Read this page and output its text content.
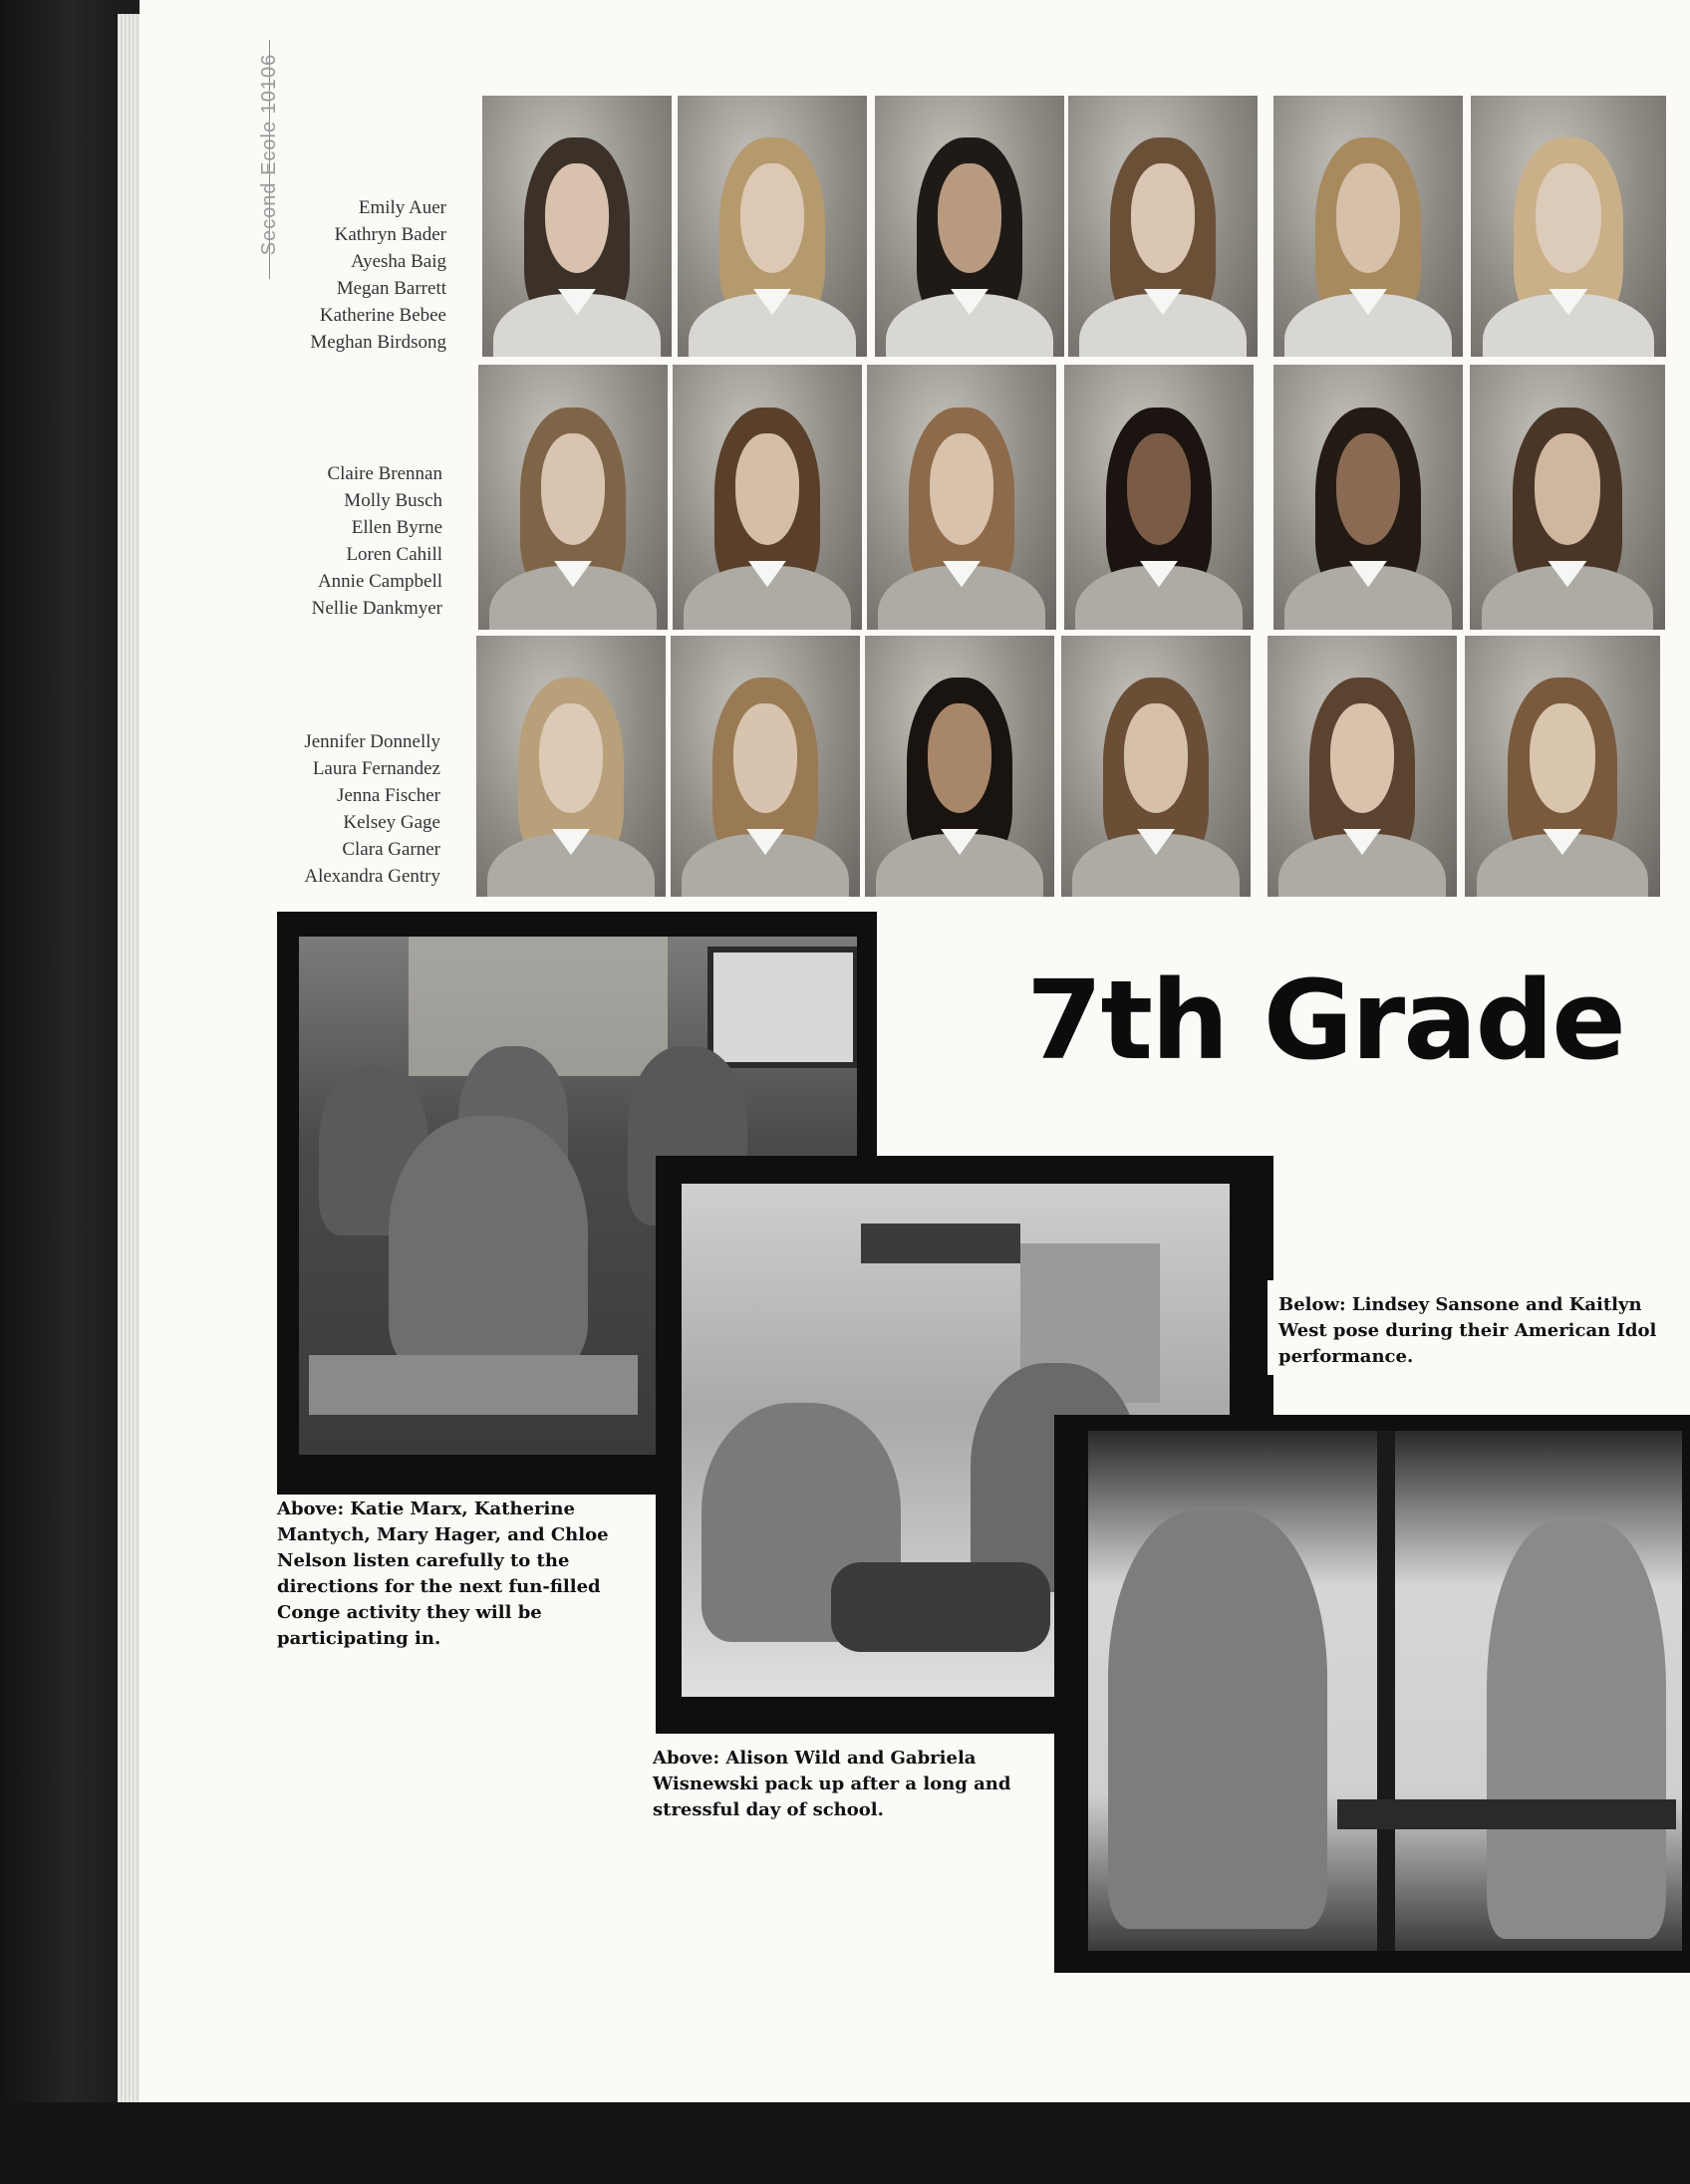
Second Ecole 10106	Emily Auer
Kathryn Bader
Ayesha Baig
Megan Barrett
Katherine Bebee
Meghan Birdsong
Claire Brennan
Molly Busch
Ellen Byrne
Loren Cahill
Annie Campbell
Nellie Dankmyer
Jennifer Donnelly
Laura Fernandez
Jenna Fischer
Kelsey Gage
Clara Garner
Alexandra Gentry
Above: Katie Marx, Katherine Mantych, Mary Hager, and Chloe Nelson listen carefully to the directions for the next fun-filled Conge activity they will be participating in.
Above: Alison Wild and Gabriela Wisnewski pack up after a long and stressful day of school.
Below: Lindsey Sansone and Kaitlyn West pose during their American Idol performance.
7th Grade
